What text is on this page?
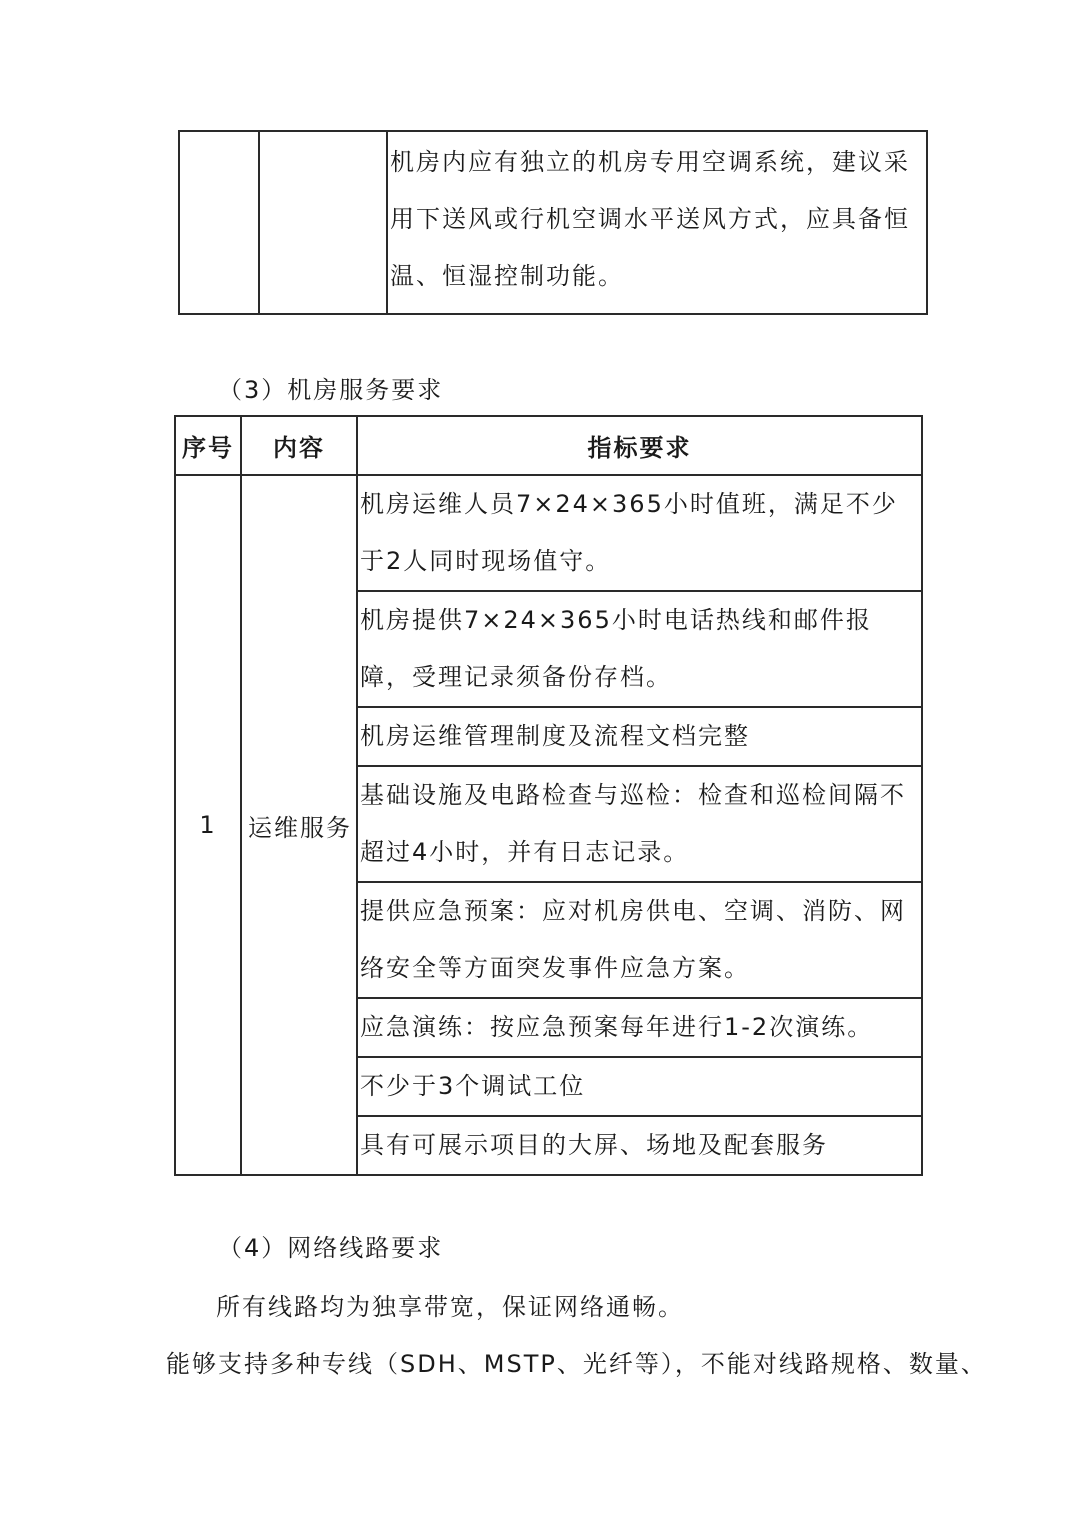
		机房内应有独立的机房专用空调系统，建议采用下送风或行机空调水平送风方式，应具备恒温、恒湿控制功能。
（3）机房服务要求
序号	内容	指标要求
1	运维服务	机房运维人员7×24×365小时值班，满足不少于2人同时现场值守。
		机房提供7×24×365小时电话热线和邮件报障，受理记录须备份存档。
		机房运维管理制度及流程文档完整
		基础设施及电路检查与巡检：检查和巡检间隔不超过4小时，并有日志记录。
		提供应急预案：应对机房供电、空调、消防、网络安全等方面突发事件应急方案。
		应急演练：按应急预案每年进行1-2次演练。
		不少于3个调试工位
		具有可展示项目的大屏、场地及配套服务
（4）网络线路要求
所有线路均为独享带宽，保证网络通畅。
能够支持多种专线（SDH、MSTP、光纤等），不能对线路规格、数量、
